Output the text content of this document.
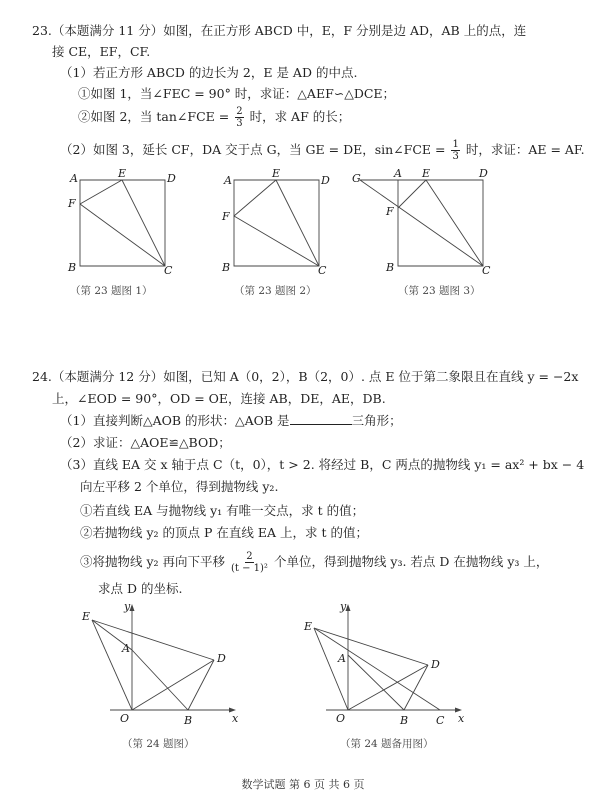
23.（本题满分 11 分）如图，在正方形 ABCD 中，E，F 分别是边 AD，AB 上的点，连
接 CE，EF，CF.
（1）若正方形 ABCD 的边长为 2，E 是 AD 的中点.
①如图 1，当∠FEC = 90° 时，求证：△AEF∽△DCE；
②如图 2，当 tan∠FCE = $\frac{2}{3}$ 时，求 AF 的长；
（2）如图 3，延长 CF，DA 交于点 G，当 GE = DE，sin∠FCE = $\frac{1}{3}$ 时，求证：AE = AF.
A	E	D
F
B	C
（第 23 题图 1）
A
E
D
F
B	C
（第 23 题图 2）
G	A E	D
F
B	C
（第 23 题图 3）
24.（本题满分 12 分）如图，已知 A（0，2），B（2，0）. 点 E 位于第二象限且在直线 y = −2x
上，∠EOD = 90°，OD = OE，连接 AB，DE，AE，DB.
（1）直接判断△AOB 的形状：△AOB 是	三角形；
（2）求证：△AOE≌△BOD；
（3）直线 EA 交 x 轴于点 C（t，0），t > 2. 将经过 B，C 两点的抛物线 y₁ = ax² + bx − 4
向左平移 2 个单位，得到抛物线 y₂.
①若直线 EA 与抛物线 y₁ 有唯一交点，求 t 的值；
②若抛物线 y₂ 的顶点 P 在直线 EA 上，求 t 的值；
③将抛物线 y₂ 再向下平移 $\frac{2}{\text{(t − 1)²}}$ 个单位，得到抛物线 y₃. 若点 D 在抛物线 y₃ 上，
求点 D 的坐标.
y
E
A
D
O	B	x
（第 24 题图）
y
E
A	D
O	B	C x
（第 24 题备用图）
数学试题 第 6 页 共 6 页
